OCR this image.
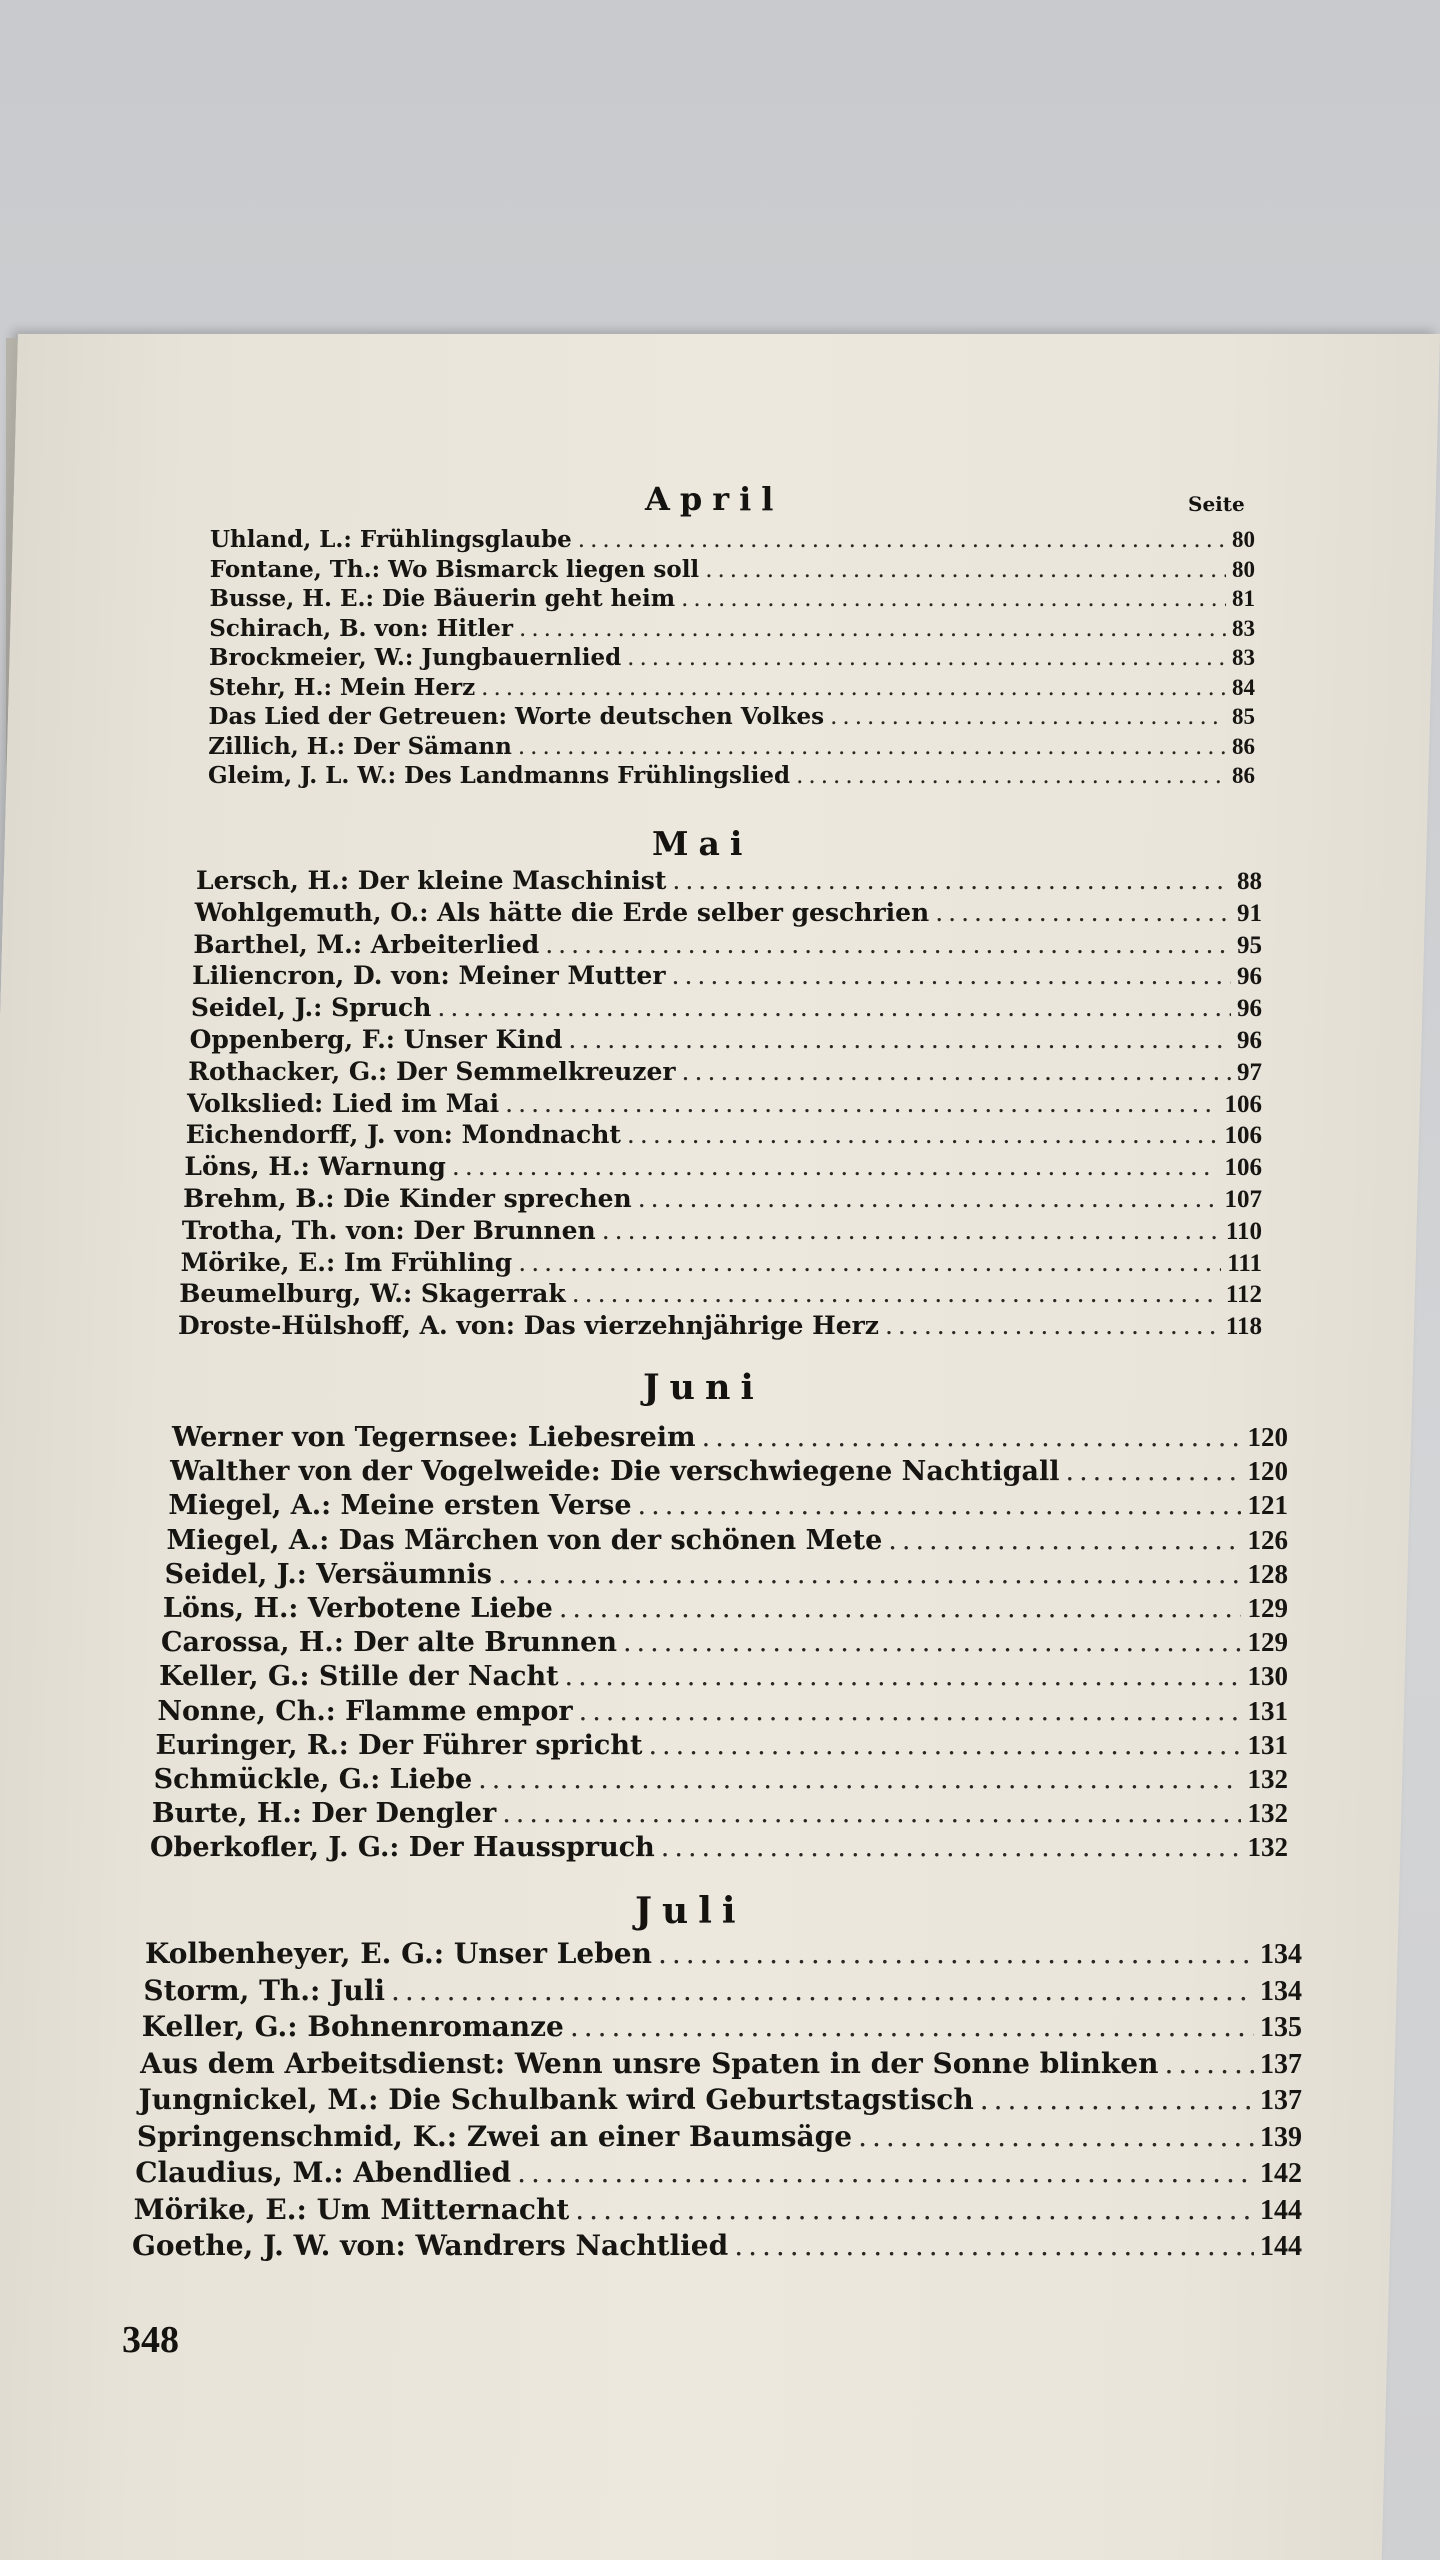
Seite
Uhland, L.: Frühlingsglaube .....	80
Fontane, Th.: Wo Bismarck liegen soll .....	80
Busse, H. E.: Die Bäuerin geht heim .....	81
Schirach, B. von: Hitler .....	83
Brockmeier, W.: Jungbauernlied .....	83
Stehr, H.: Mein Herz .....	84
Das Lied der Getreuen: Worte deutschen Volkes .....	85
Zillich, H.: Der Sämann .....	86
Gleim, J. L. W.: Des Landmanns Frühlingslied .....	86
Lersch, H.: Der kleine Maschinist .....	88
Wohlgemuth, O.: Als hätte die Erde selber geschrien .....	91
Barthel, M.: Arbeiterlied .....	95
Liliencron, D. von: Meiner Mutter .....	96
Seidel, J.: Spruch .....	96
Oppenberg, F.: Unser Kind .....	96
Rothacker, G.: Der Semmelkreuzer .....	97
Volkslied: Lied im Mai .....	106
Eichendorff, J. von: Mondnacht .....	106
Löns, H.: Warnung .....	106
Brehm, B.: Die Kinder sprechen .....	107
Trotha, Th. von: Der Brunnen .....	110
Mörike, E.: Im Frühling .....	111
Beumelburg, W.: Skagerrak .....	112
Droste-Hülshoff, A. von: Das vierzehnjährige Herz .....	118
Werner von Tegernsee: Liebesreim .....	120
Walther von der Vogelweide: Die verschwiegene Nachtigall .....	120
Miegel, A.: Meine ersten Verse .....	121
Miegel, A.: Das Märchen von der schönen Mete .....	126
Seidel, J.: Versäumnis .....	128
Löns, H.: Verbotene Liebe .....	129
Carossa, H.: Der alte Brunnen .....	129
Keller, G.: Stille der Nacht .....	130
Nonne, Ch.: Flamme empor .....	131
Euringer, R.: Der Führer spricht .....	131
Schmückle, G.: Liebe .....	132
Burte, H.: Der Dengler .....	132
Oberkofler, J. G.: Der Hausspruch .....	132
Kolbenheyer, E. G.: Unser Leben .....	134
Storm, Th.: Juli .....	134
Keller, G.: Bohnenromanze .....	135
Aus dem Arbeitsdienst: Wenn unsre Spaten in der Sonne blinken .....	137
Jungnickel, M.: Die Schulbank wird Geburtstagstisch .....	137
Springenschmid, K.: Zwei an einer Baumsäge .....	139
Claudius, M.: Abendlied .....	142
Mörike, E.: Um Mitternacht .....	144
Goethe, J. W. von: Wandrers Nachtlied .....	144
348
April
Mai
Juni
Juli
